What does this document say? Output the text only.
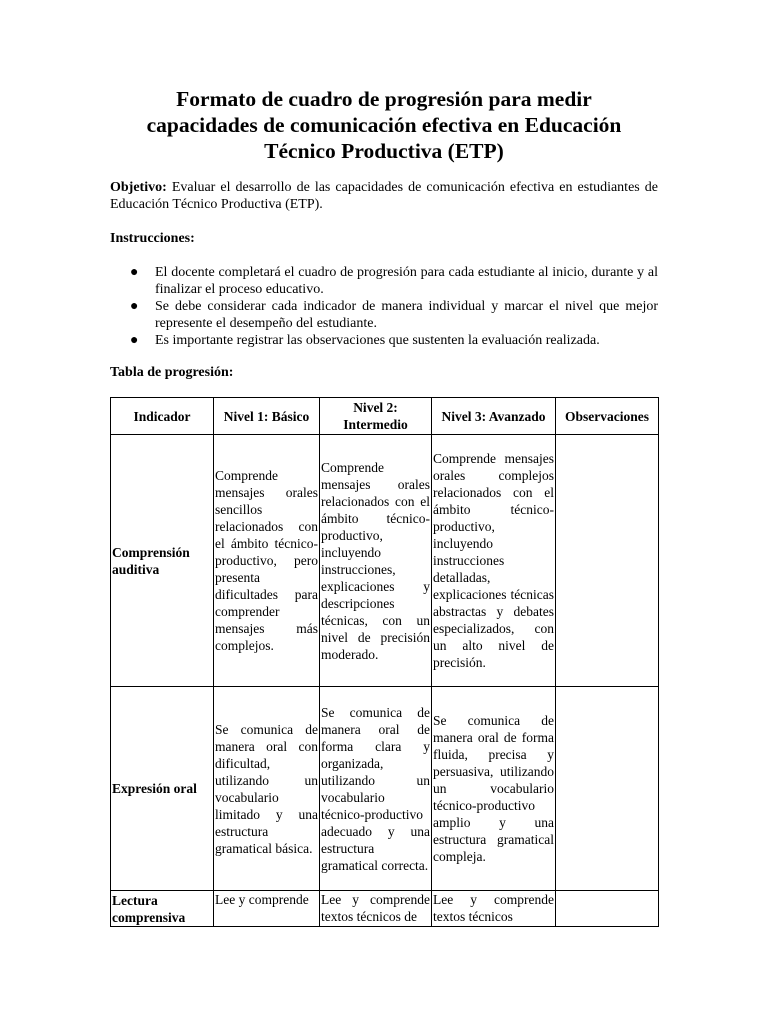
Formato de cuadro de progresión para medir
capacidades de comunicación efectiva en Educación
Técnico Productiva (ETP)
Objetivo: Evaluar el desarrollo de las capacidades de comunicación efectiva en estudiantes de Educación Técnico Productiva (ETP).
Instrucciones:
● El docente completará el cuadro de progresión para cada estudiante al inicio, durante y al finalizar el proceso educativo.
● Se debe considerar cada indicador de manera individual y marcar el nivel que mejor represente el desempeño del estudiante.
● Es importante registrar las observaciones que sustenten la evaluación realizada.
Tabla de progresión:
Indicador	Nivel 1: Básico	Nivel 2: Intermedio	Nivel 3: Avanzado	Observaciones
Comprensión auditiva	Comprende mensajes orales sencillos relacionados con el ámbito técnico-productivo, pero presenta dificultades para comprender mensajes más complejos.	Comprende mensajes orales relacionados con el ámbito técnico-productivo, incluyendo instrucciones, explicaciones y descripciones técnicas, con un nivel de precisión moderado.	Comprende mensajes orales complejos relacionados con el ámbito técnico-productivo, incluyendo instrucciones detalladas, explicaciones técnicas abstractas y debates especializados, con un alto nivel de precisión.	
Expresión oral	Se comunica de manera oral con dificultad, utilizando un vocabulario limitado y una estructura gramatical básica.	Se comunica de manera oral de forma clara y organizada, utilizando un vocabulario técnico-productivo adecuado y una estructura gramatical correcta.	Se comunica de manera oral de forma fluida, precisa y persuasiva, utilizando un vocabulario técnico-productivo amplio y una estructura gramatical compleja.	
Lectura comprensiva	Lee y comprende	Lee y comprende textos técnicos de	Lee y comprende textos técnicos	
